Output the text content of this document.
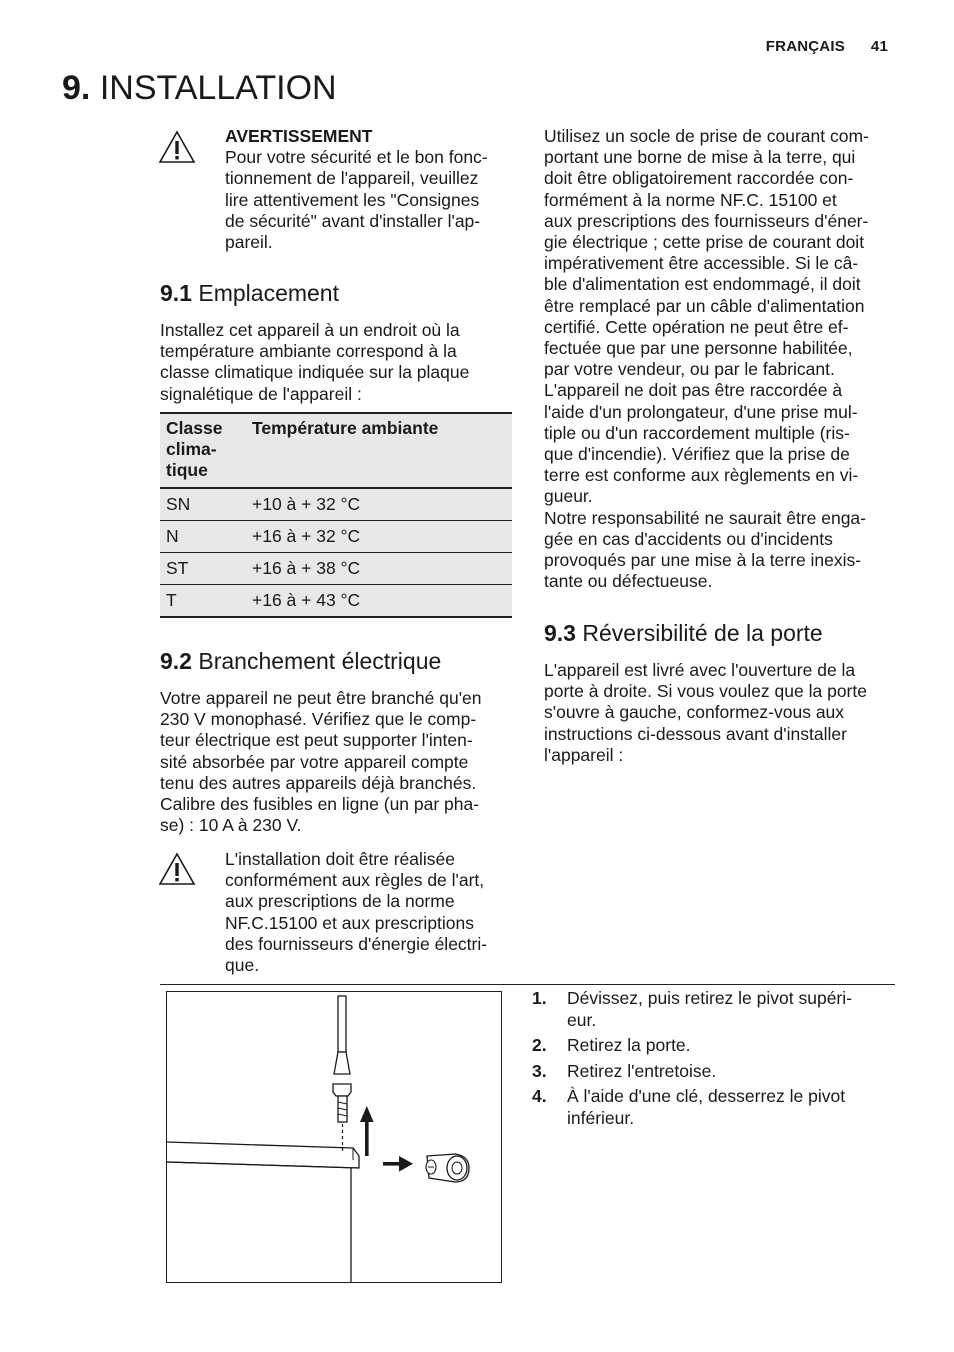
FRANÇAIS 41
9. INSTALLATION
AVERTISSEMENT
Pour votre sécurité et le bon fonc-
tionnement de l'appareil, veuillez
lire attentivement les "Consignes
de sécurité" avant d'installer l'ap-
pareil.
9.1 Emplacement
Installez cet appareil à un endroit où la
température ambiante correspond à la
classe climatique indiquée sur la plaque
signalétique de l'appareil :
Classe
clima-
tique	Température ambiante
SN	+10 à + 32 °C
N	+16 à + 32 °C
ST	+16 à + 38 °C
T	+16 à + 43 °C
9.2 Branchement électrique
Votre appareil ne peut être branché qu'en
230 V monophasé. Vérifiez que le comp-
teur électrique est peut supporter l'inten-
sité absorbée par votre appareil compte
tenu des autres appareils déjà branchés.
Calibre des fusibles en ligne (un par pha-
se) : 10 A à 230 V.
L'installation doit être réalisée
conformément aux règles de l'art,
aux prescriptions de la norme
NF.C.15100 et aux prescriptions
des fournisseurs d'énergie électri-
que.
Utilisez un socle de prise de courant com-
portant une borne de mise à la terre, qui
doit être obligatoirement raccordée con-
formément à la norme NF.C. 15100 et
aux prescriptions des fournisseurs d'éner-
gie électrique ; cette prise de courant doit
impérativement être accessible. Si le câ-
ble d'alimentation est endommagé, il doit
être remplacé par un câble d'alimentation
certifié. Cette opération ne peut être ef-
fectuée que par une personne habilitée,
par votre vendeur, ou par le fabricant.
L'appareil ne doit pas être raccordée à
l'aide d'un prolongateur, d'une prise mul-
tiple ou d'un raccordement multiple (ris-
que d'incendie). Vérifiez que la prise de
terre est conforme aux règlements en vi-
gueur.
Notre responsabilité ne saurait être enga-
gée en cas d'accidents ou d'incidents
provoqués par une mise à la terre inexis-
tante ou défectueuse.
9.3 Réversibilité de la porte
L'appareil est livré avec l'ouverture de la
porte à droite. Si vous voulez que la porte
s'ouvre à gauche, conformez-vous aux
instructions ci-dessous avant d'installer
l'appareil :
1. Dévissez, puis retirez le pivot supéri-
eur.
2. Retirez la porte.
3. Retirez l'entretoise.
4. À l'aide d'une clé, desserrez le pivot
inférieur.
